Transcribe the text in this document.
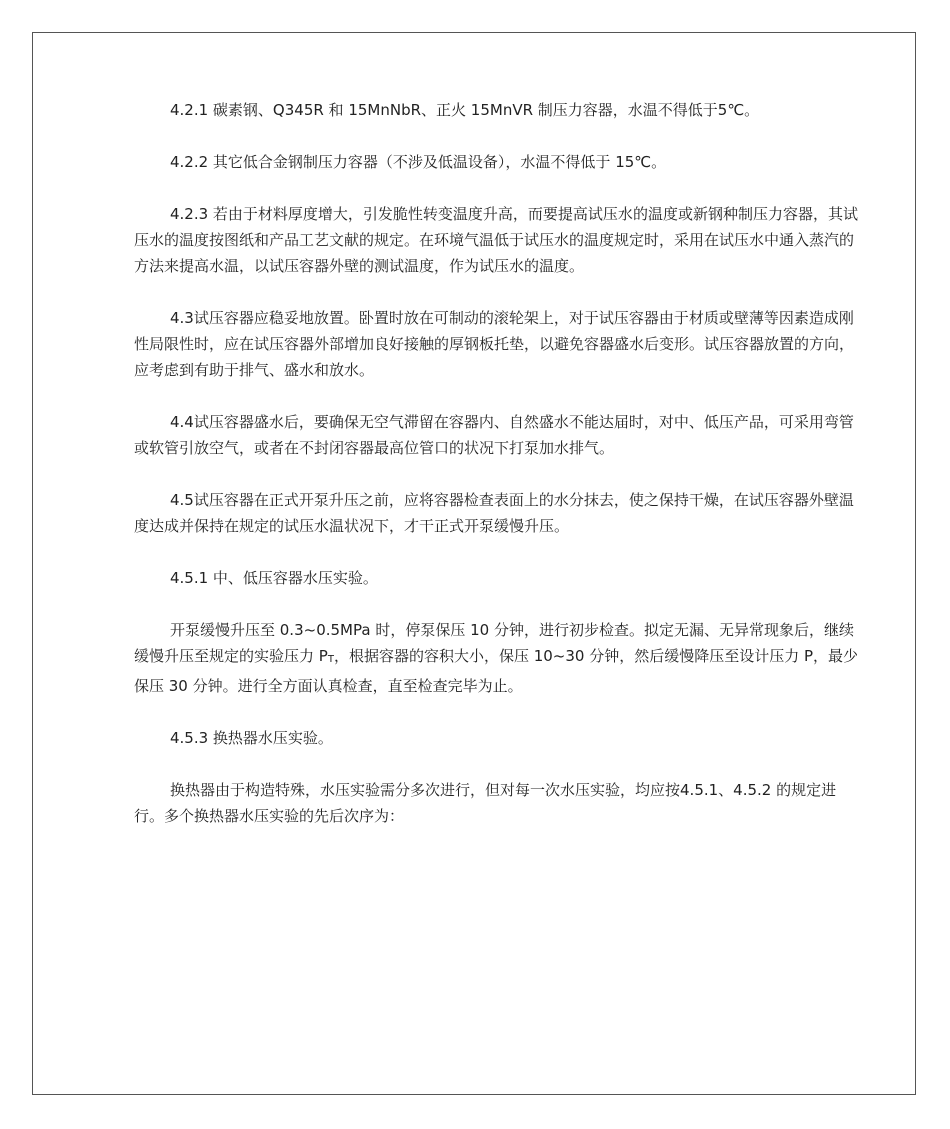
4.2.1 碳素钢、Q345R 和 15MnNbR、正火 15MnVR 制压力容器，水温不得低于5℃。

4.2.2 其它低合金钢制压力容器（不涉及低温设备），水温不得低于 15℃。

4.2.3 若由于材料厚度增大，引发脆性转变温度升高，而要提高试压水的温度或新钢种制压力容器，其试压水的温度按图纸和产品工艺文献的规定。在环境气温低于试压水的温度规定时，采用在试压水中通入蒸汽的方法来提高水温，以试压容器外壁的测试温度，作为试压水的温度。

4.3试压容器应稳妥地放置。卧置时放在可制动的滚轮架上，对于试压容器由于材质或壁薄等因素造成刚性局限性时，应在试压容器外部增加良好接触的厚钢板托垫，以避免容器盛水后变形。试压容器放置的方向，应考虑到有助于排气、盛水和放水。

4.4试压容器盛水后，要确保无空气滞留在容器内、自然盛水不能达届时，对中、低压产品，可采用弯管或软管引放空气，或者在不封闭容器最高位管口的状况下打泵加水排气。

4.5试压容器在正式开泵升压之前，应将容器检查表面上的水分抹去，使之保持干燥，在试压容器外壁温度达成并保持在规定的试压水温状况下，才干正式开泵缓慢升压。

4.5.1 中、低压容器水压实验。

开泵缓慢升压至 0.3~0.5MPa 时，停泵保压 10 分钟，进行初步检查。拟定无漏、无异常现象后，继续缓慢升压至规定的实验压力 PT，根据容器的容积大小，保压 10~30 分钟，然后缓慢降压至设计压力 P，最少保压 30 分钟。进行全方面认真检查，直至检查完毕为止。

4.5.3 换热器水压实验。

换热器由于构造特殊，水压实验需分多次进行，但对每一次水压实验，均应按4.5.1、4.5.2 的规定进行。多个换热器水压实验的先后次序为：
